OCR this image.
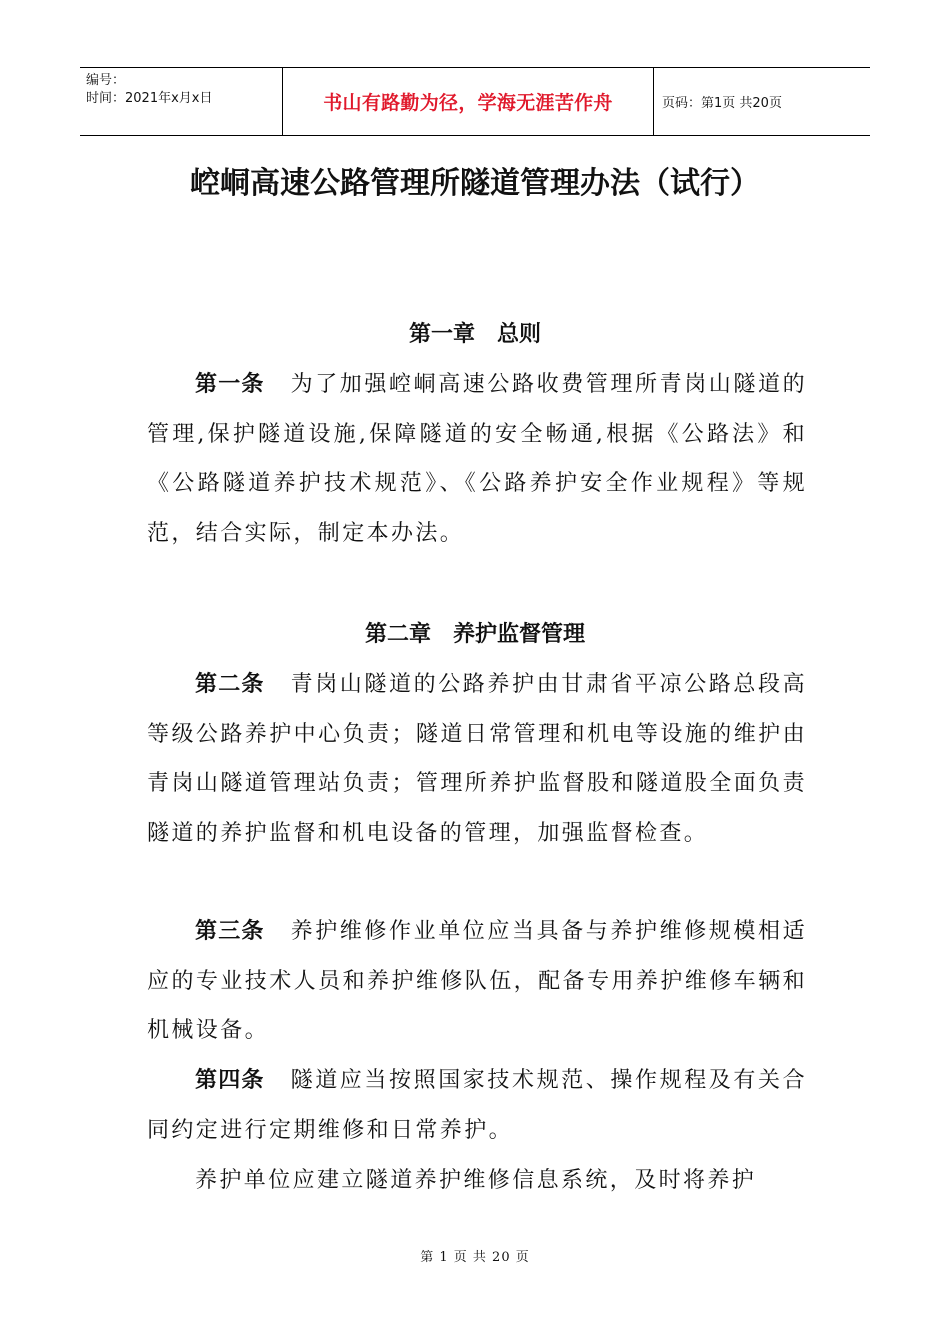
编号：
时间：2021年x月x日	书山有路勤为径，学海无涯苦作舟	页码：第1页 共20页
崆峒高速公路管理所隧道管理办法（试行）
第一章　总则

第一条 为了加强崆峒高速公路收费管理所青岗山隧道的管理,保护隧道设施,保障隧道的安全畅通,根据《公路法》和《公路隧道养护技术规范》、《公路养护安全作业规程》等规范，结合实际，制定本办法。

第二章　养护监督管理

第二条 青岗山隧道的公路养护由甘肃省平凉公路总段高等级公路养护中心负责；隧道日常管理和机电等设施的维护由青岗山隧道管理站负责；管理所养护监督股和隧道股全面负责隧道的养护监督和机电设备的管理，加强监督检查。

第三条 养护维修作业单位应当具备与养护维修规模相适应的专业技术人员和养护维修队伍，配备专用养护维修车辆和机械设备。

第四条 隧道应当按照国家技术规范、操作规程及有关合同约定进行定期维修和日常养护。

养护单位应建立隧道养护维修信息系统，及时将养护

第 1 页 共 20 页
